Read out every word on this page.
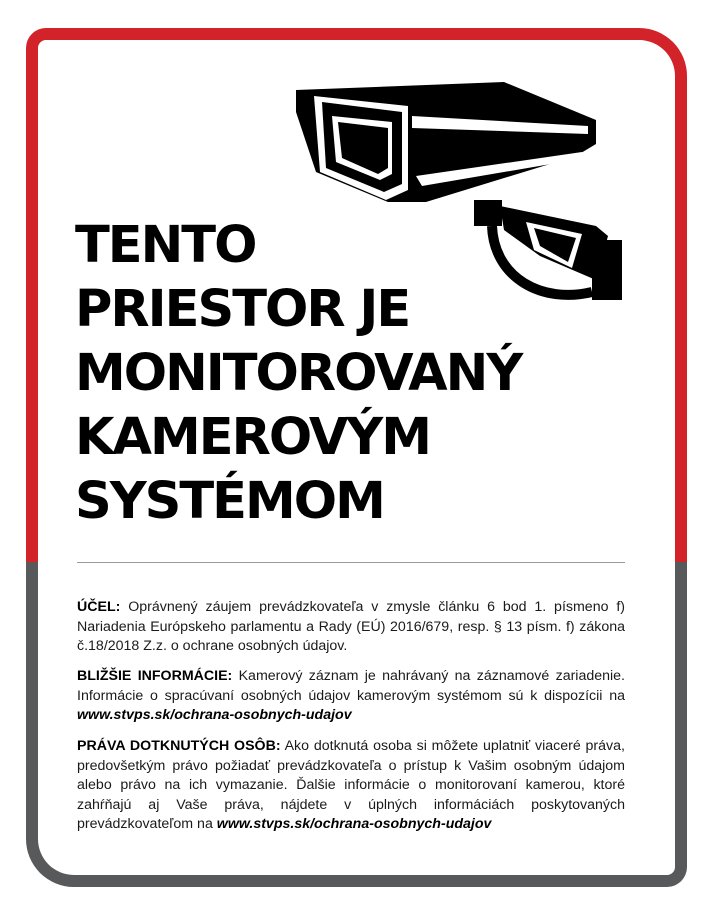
TENTO
PRIESTOR JE
MONITOROVANÝ
KAMEROVÝM
SYSTÉMOM

ÚČEL: Oprávnený záujem prevádzkovateľa v zmysle článku 6 bod 1. písmeno f) Nariadenia Európskeho parlamentu a Rady (EÚ) 2016/679, resp. § 13 písm. f) zákona č.18/2018 Z.z. o ochrane osobných údajov.

BLIŽŠIE INFORMÁCIE: Kamerový záznam je nahrávaný na záznamové zariadenie. Informácie o spracúvaní osobných údajov kamerovým systémom sú k dispozícii na www.stvps.sk/ochrana-osobnych-udajov

PRÁVA DOTKNUTÝCH OSÔB: Ako dotknutá osoba si môžete uplatniť viaceré práva, predovšetkým právo požiadať prevádzkovateľa o prístup k Vašim osobným údajom alebo právo na ich vymazanie. Ďalšie informácie o monitorovaní kamerou, ktoré zahŕňajú aj Vaše práva, nájdete v úplných informáciách poskytovaných prevádzkovateľom na www.stvps.sk/ochrana-osobnych-udajov
